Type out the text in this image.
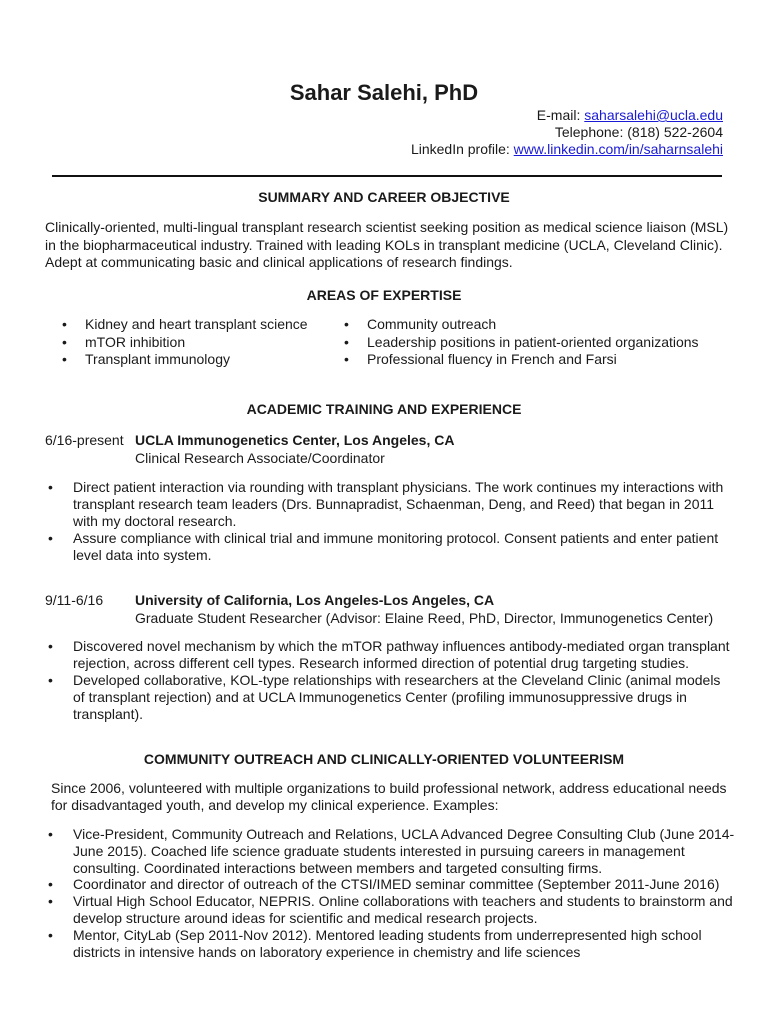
Sahar Salehi, PhD
E-mail: saharsalehi@ucla.edu
Telephone: (818) 522-2604
LinkedIn profile: www.linkedin.com/in/saharnsalehi
SUMMARY AND CAREER OBJECTIVE
Clinically-oriented, multi-lingual transplant research scientist seeking position as medical science liaison (MSL) in the biopharmaceutical industry. Trained with leading KOLs in transplant medicine (UCLA, Cleveland Clinic). Adept at communicating basic and clinical applications of research findings.
AREAS OF EXPERTISE
• Kidney and heart transplant science
• mTOR inhibition
• Transplant immunology
• Community outreach
• Leadership positions in patient-oriented organizations
• Professional fluency in French and Farsi
ACADEMIC TRAINING AND EXPERIENCE
6/16-present UCLA Immunogenetics Center, Los Angeles, CA
Clinical Research Associate/Coordinator
• Direct patient interaction via rounding with transplant physicians. The work continues my interactions with transplant research team leaders (Drs. Bunnapradist, Schaenman, Deng, and Reed) that began in 2011 with my doctoral research.
• Assure compliance with clinical trial and immune monitoring protocol. Consent patients and enter patient level data into system.
9/11-6/16	University of California, Los Angeles-Los Angeles, CA
Graduate Student Researcher (Advisor: Elaine Reed, PhD, Director, Immunogenetics Center)
• Discovered novel mechanism by which the mTOR pathway influences antibody-mediated organ transplant rejection, across different cell types. Research informed direction of potential drug targeting studies.
• Developed collaborative, KOL-type relationships with researchers at the Cleveland Clinic (animal models of transplant rejection) and at UCLA Immunogenetics Center (profiling immunosuppressive drugs in transplant).
COMMUNITY OUTREACH AND CLINICALLY-ORIENTED VOLUNTEERISM
Since 2006, volunteered with multiple organizations to build professional network, address educational needs for disadvantaged youth, and develop my clinical experience. Examples:
• Vice-President, Community Outreach and Relations, UCLA Advanced Degree Consulting Club (June 2014-June 2015). Coached life science graduate students interested in pursuing careers in management consulting. Coordinated interactions between members and targeted consulting firms.
• Coordinator and director of outreach of the CTSI/IMED seminar committee (September 2011-June 2016)
• Virtual High School Educator, NEPRIS. Online collaborations with teachers and students to brainstorm and develop structure around ideas for scientific and medical research projects.
• Mentor, CityLab (Sep 2011-Nov 2012). Mentored leading students from underrepresented high school districts in intensive hands on laboratory experience in chemistry and life sciences
